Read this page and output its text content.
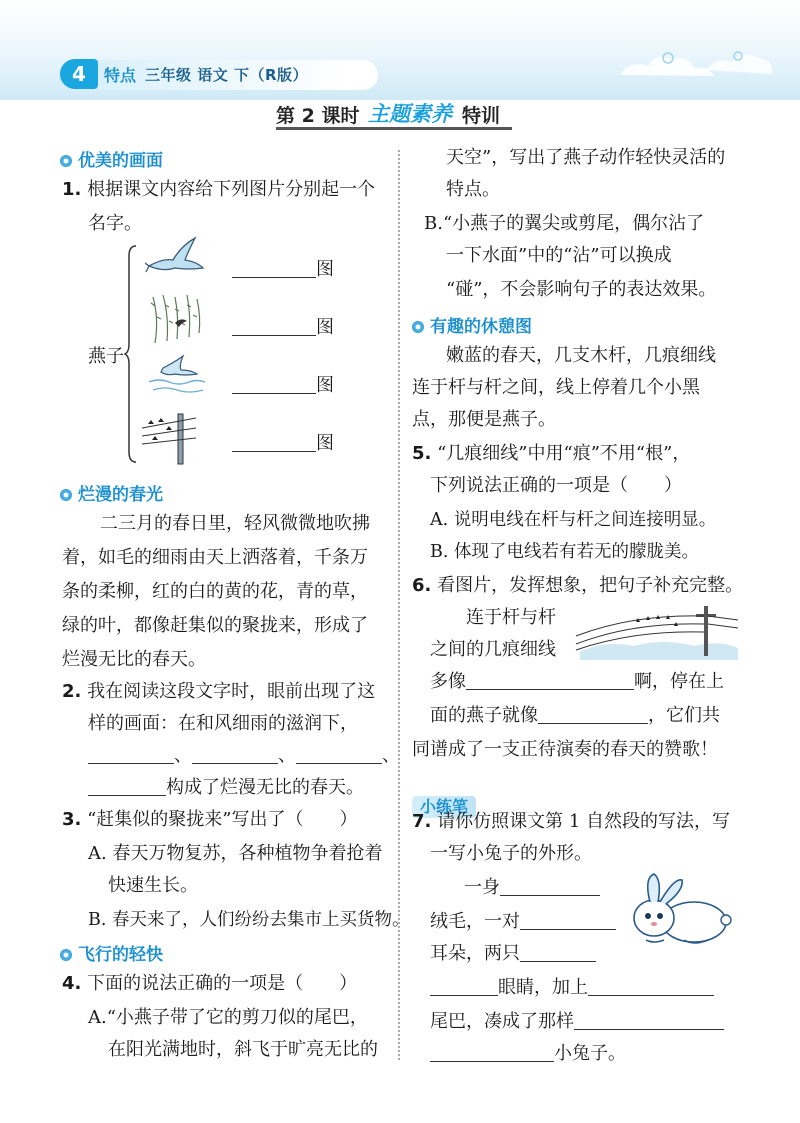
4	特点 三年级 语文 下（R版）
第 2 课时 主题素养 特训
优美的画面
1. 根据课文内容给下列图片分别起一个
名字。
燕子
图
图
图
图
烂漫的春光
二三月的春日里，轻风微微地吹拂
着，如毛的细雨由天上洒落着，千条万
条的柔柳，红的白的黄的花，青的草，
绿的叶，都像赶集似的聚拢来，形成了
烂漫无比的春天。
2. 我在阅读这段文字时，眼前出现了这
样的画面：在和风细雨的滋润下，
、	、	、
构成了烂漫无比的春天。
3. “赶集似的聚拢来”写出了（　　）
A. 春天万物复苏，各种植物争着抢着
快速生长。
B. 春天来了，人们纷纷去集市上买货物。
飞行的轻快
4. 下面的说法正确的一项是（　　）
A.“小燕子带了它的剪刀似的尾巴，
在阳光满地时，斜飞于旷亮无比的
天空”，写出了燕子动作轻快灵活的
特点。
B.“小燕子的翼尖或剪尾，偶尔沾了
一下水面”中的“沾”可以换成
“碰”，不会影响句子的表达效果。
有趣的休憩图
嫩蓝的春天，几支木杆，几痕细线
连于杆与杆之间，线上停着几个小黑
点，那便是燕子。
5. “几痕细线”中用“痕”不用“根”，
下列说法正确的一项是（　　）
A. 说明电线在杆与杆之间连接明显。
B. 体现了电线若有若无的朦胧美。
6. 看图片，发挥想象，把句子补充完整。
连于杆与杆
之间的几痕细线
多像	啊，停在上
面的燕子就像	，它们共
同谱成了一支正待演奏的春天的赞歌！
小练笔
7. 请你仿照课文第 1 自然段的写法，写
一写小兔子的外形。
一身
绒毛，一对
耳朵，两只
眼睛，加上
尾巴，凑成了那样
小兔子。
